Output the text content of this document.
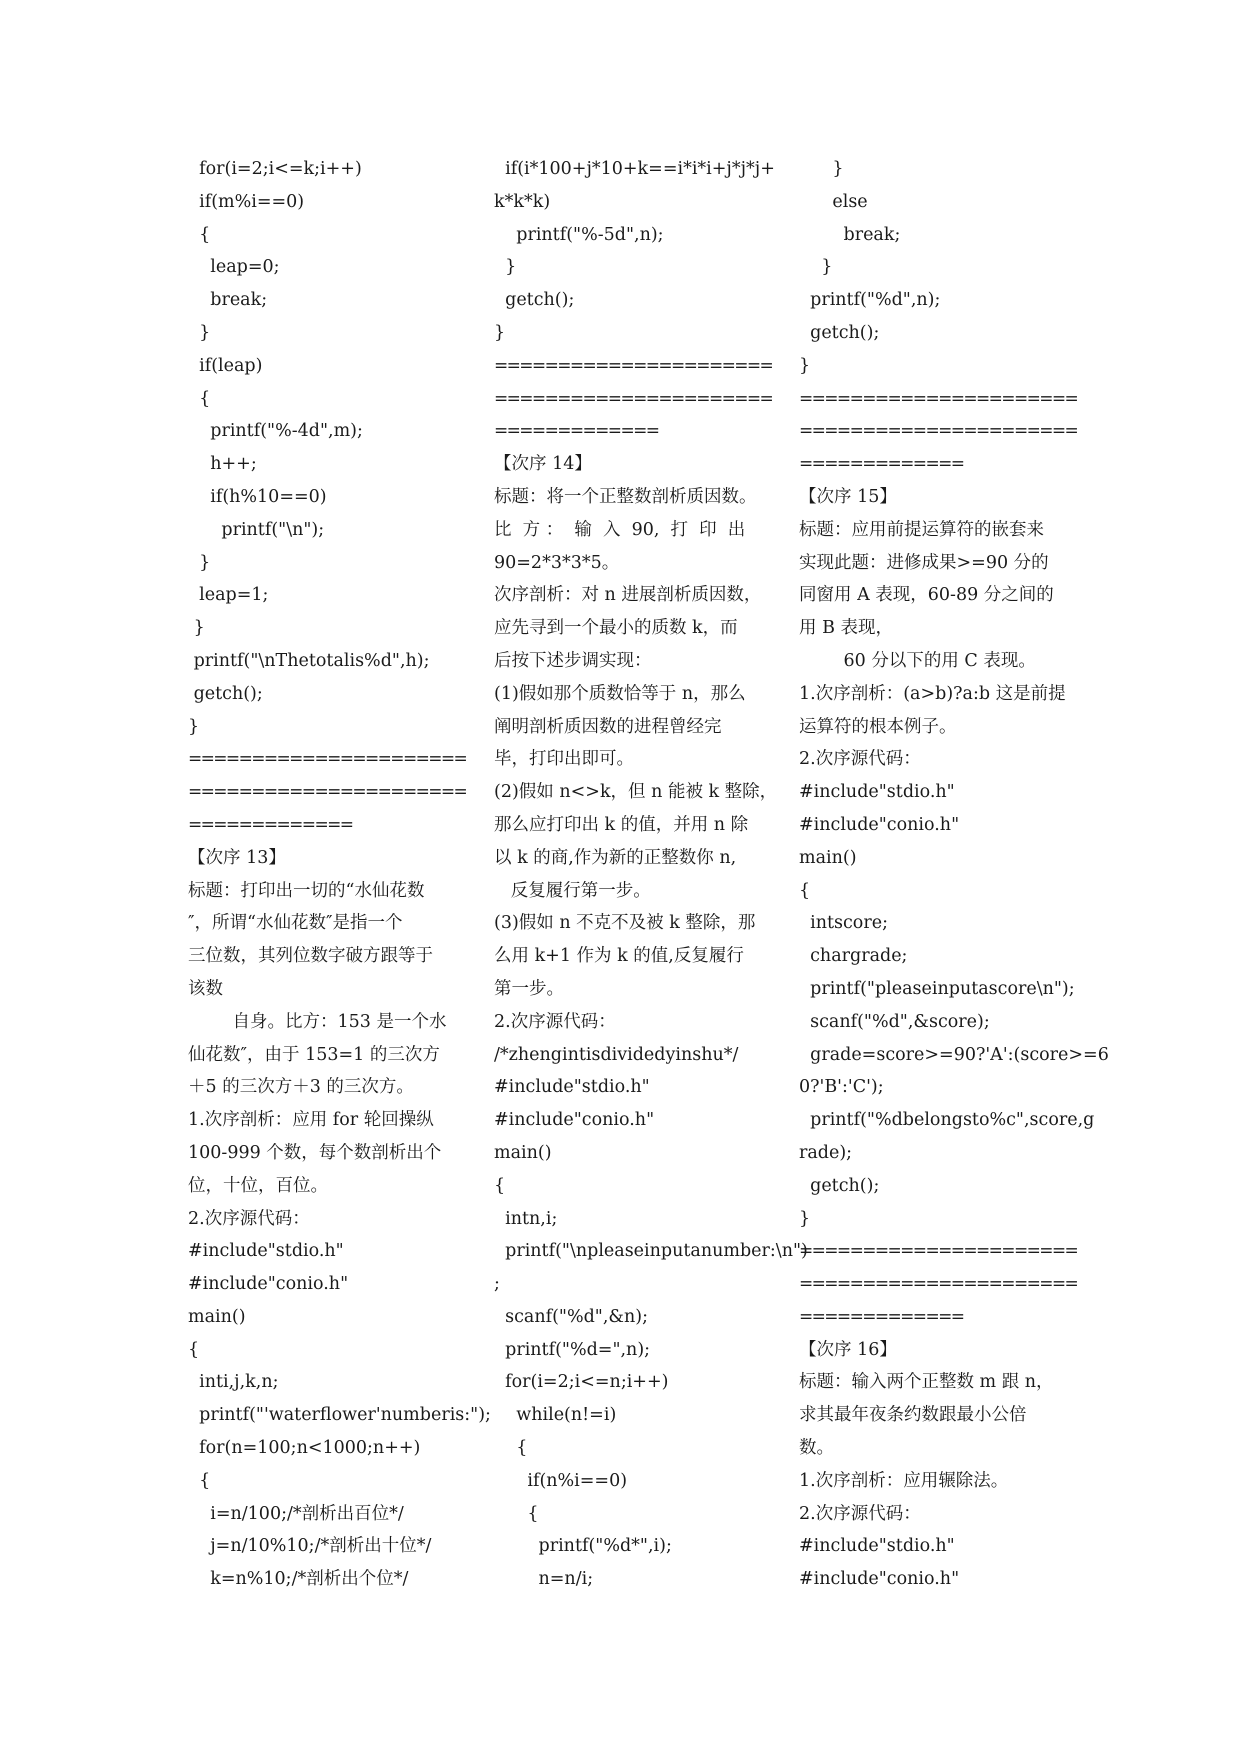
for(i=2;i<=k;i++)
if(m%i==0)
{
leap=0;
break;
}
if(leap)
{
printf("%-4d",m);
h++;
if(h%10==0)
printf("\n");
}
leap=1;
}
printf("\nThetotalis%d",h);
getch();
}
======================
======================
=============
【次序 13】
标题：打印出一切的“水仙花数
″，所谓“水仙花数″是指一个
三位数，其列位数字破方跟等于
该数
自身。比方：153 是一个水
仙花数″，由于 153=1 的三次方
＋5 的三次方＋3 的三次方。
1.次序剖析：应用 for 轮回操纵
100-999 个数，每个数剖析出个
位，十位，百位。
2.次序源代码：
#include"stdio.h"
#include"conio.h"
main()
{
inti,j,k,n;
printf("'waterflower'numberis:");
for(n=100;n<1000;n++)
{
i=n/100;/*剖析出百位*/
j=n/10%10;/*剖析出十位*/
k=n%10;/*剖析出个位*/
if(i*100+j*10+k==i*i*i+j*j*j+
k*k*k)
printf("%-5d",n);
}
getch();
}
======================
======================
=============
【次序 14】
标题：将一个正整数剖析质因数。
比  方 ：  输  入  90,  打  印  出
90=2*3*3*5。
次序剖析：对 n 进展剖析质因数，
应先寻到一个最小的质数 k，而
后按下述步调实现：
(1)假如那个质数恰等于 n，那么
阐明剖析质因数的进程曾经完
毕，打印出即可。
(2)假如 n<>k，但 n 能被 k 整除，
那么应打印出 k 的值，并用 n 除
以 k 的商,作为新的正整数你 n,
反复履行第一步。
(3)假如 n 不克不及被 k 整除，那
么用 k+1 作为 k 的值,反复履行
第一步。
2.次序源代码：
/*zhengintisdividedyinshu*/
#include"stdio.h"
#include"conio.h"
main()
{
intn,i;
printf("\npleaseinputanumber:\n")
;
scanf("%d",&n);
printf("%d=",n);
for(i=2;i<=n;i++)
while(n!=i)
{
if(n%i==0)
{
printf("%d*",i);
n=n/i;
}
else
break;
}
printf("%d",n);
getch();
}
======================
======================
=============
【次序 15】
标题：应用前提运算符的嵌套来
实现此题：进修成果>=90 分的
同窗用 A 表现，60-89 分之间的
用 B 表现，
60 分以下的用 C 表现。
1.次序剖析：(a>b)?a:b 这是前提
运算符的根本例子。
2.次序源代码：
#include"stdio.h"
#include"conio.h"
main()
{
intscore;
chargrade;
printf("pleaseinputascore\n");
scanf("%d",&score);
grade=score>=90?'A':(score>=6
0?'B':'C');
printf("%dbelongsto%c",score,g
rade);
getch();
}
======================
======================
=============
【次序 16】
标题：输入两个正整数 m 跟 n，
求其最年夜条约数跟最小公倍
数。
1.次序剖析：应用辗除法。
2.次序源代码：
#include"stdio.h"
#include"conio.h"
